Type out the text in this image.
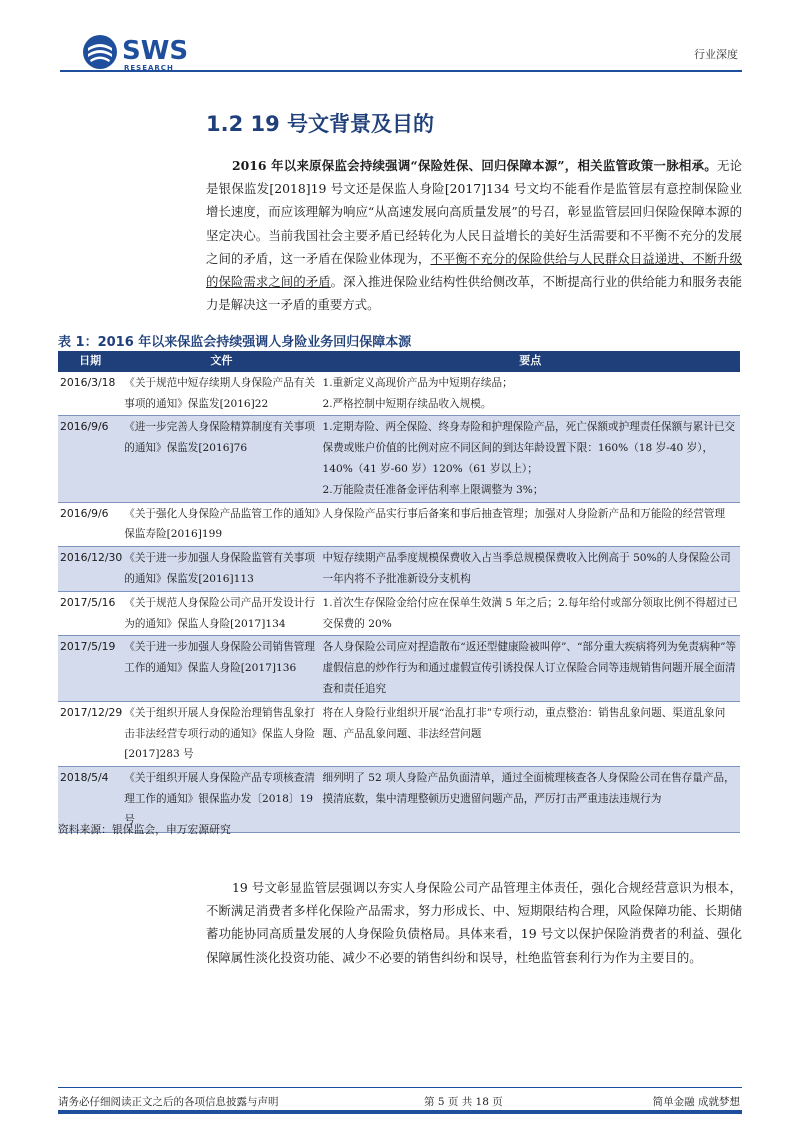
SWS
RESEARCH
行业深度
1.2 19 号文背景及目的
2016 年以来原保监会持续强调“保险姓保、回归保障本源”，相关监管政策一脉相承。无论是银保监发[2018]19 号文还是保监人身险[2017]134 号文均不能看作是监管层有意控制保险业增长速度，而应该理解为响应“从高速发展向高质量发展”的号召，彰显监管层回归保险保障本源的坚定决心。当前我国社会主要矛盾已经转化为人民日益增长的美好生活需要和不平衡不充分的发展之间的矛盾，这一矛盾在保险业体现为，不平衡不充分的保险供给与人民群众日益递进、不断升级的保险需求之间的矛盾。深入推进保险业结构性供给侧改革，不断提高行业的供给能力和服务表能力是解决这一矛盾的重要方式。
表 1：2016 年以来保监会持续强调人身险业务回归保障本源
日期	文件	要点
2016/3/18	《关于规范中短存续期人身保险产品有关事项的通知》保监发[2016]22	1.重新定义高现价产品为中短期存续品；
2.严格控制中短期存续品收入规模。

2016/9/6	《进一步完善人身保险精算制度有关事项的通知》保监发[2016]76	1.定期寿险、两全保险、终身寿险和护理保险产品，死亡保额或护理责任保额与累计已交保费或账户价值的比例对应不同区间的到达年龄设置下限：160%（18 岁-40 岁），140%（41 岁-60 岁）120%（61 岁以上）；
2.万能险责任准备金评估利率上限调整为 3%；

2016/9/6	《关于强化人身保险产品监管工作的通知》保监寿险[2016]199	人身保险产品实行事后备案和事后抽查管理；加强对人身险新产品和万能险的经营管理

2016/12/30	《关于进一步加强人身保险监管有关事项的通知》保监发[2016]113	中短存续期产品季度规模保费收入占当季总规模保费收入比例高于 50%的人身保险公司一年内将不予批准新设分支机构

2017/5/16	《关于规范人身保险公司产品开发设计行为的通知》保监人身险[2017]134	1.首次生存保险金给付应在保单生效满 5 年之后；2.每年给付或部分领取比例不得超过已交保费的 20%

2017/5/19	《关于进一步加强人身保险公司销售管理工作的通知》保监人身险[2017]136	各人身保险公司应对捏造散布“返还型健康险被叫停”、“部分重大疾病将列为免责病种”等虚假信息的炒作行为和通过虚假宣传引诱投保人订立保险合同等违规销售问题开展全面清查和责任追究

2017/12/29	《关于组织开展人身保险治理销售乱象打击非法经营专项行动的通知》保监人身险[2017]283 号	将在人身险行业组织开展“治乱打非”专项行动，重点整治：销售乱象问题、渠道乱象问题、产品乱象问题、非法经营问题

2018/5/4	《关于组织开展人身保险产品专项核查清理工作的通知》银保监办发〔2018〕19 号	细列明了 52 项人身险产品负面清单，通过全面梳理核查各人身保险公司在售存量产品，摸清底数，集中清理整顿历史遗留问题产品，严厉打击严重违法违规行为
资料来源：银保监会，申万宏源研究
19 号文彰显监管层强调以夯实人身保险公司产品管理主体责任，强化合规经营意识为根本，不断满足消费者多样化保险产品需求，努力形成长、中、短期限结构合理，风险保障功能、长期储蓄功能协同高质量发展的人身保险负债格局。具体来看，19 号文以保护保险消费者的利益、强化保障属性淡化投资功能、减少不必要的销售纠纷和误导，杜绝监管套利行为作为主要目的。
请务必仔细阅读正文之后的各项信息披露与声明	第 5 页 共 18 页	简单金融 成就梦想
